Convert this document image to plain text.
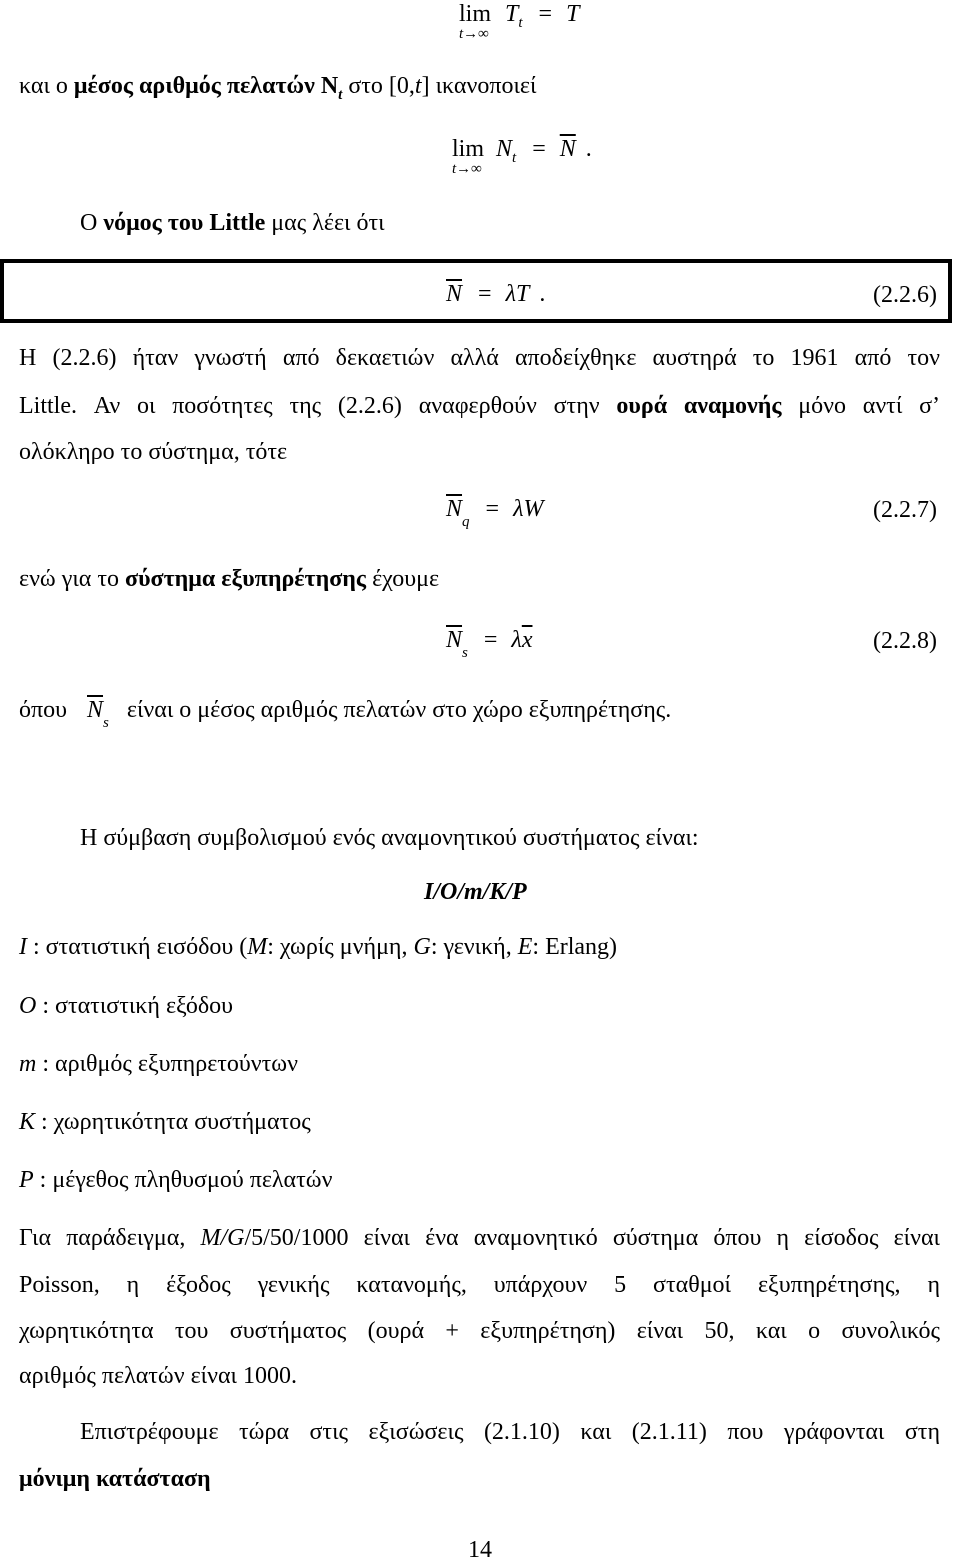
$\lim T_t = T$
t→∞
και ο μέσος αριθμός πελατών $N_t$ στο [0,t] ικανοποιεί
$\lim N_t = \overline{N}$ .
t→∞
Ο νόμος του Little μας λέει ότι
$\overline{N} = \lambda T$ .	(2.2.6)
Η (2.2.6) ήταν γνωστή από δεκαετιών αλλά αποδείχθηκε αυστηρά το 1961 από τον
Little. Αν οι ποσότητες της (2.2.6) αναφερθούν στην ουρά αναμονής μόνο αντί σ’
ολόκληρο το σύστημα, τότε
$\overline{N}_q = \lambda W$	(2.2.7)
ενώ για το σύστημα εξυπηρέτησης έχουμε
$\overline{N}_s = \lambda\overline{x}$	(2.2.8)
όπου $\overline{N}_s$ είναι ο μέσος αριθμός πελατών στο χώρο εξυπηρέτησης.
Η σύμβαση συμβολισμού ενός αναμονητικού συστήματος είναι:
I/O/m/K/P
I : στατιστική εισόδου (M: χωρίς μνήμη, G: γενική, E: Erlang)
O : στατιστική εξόδου
m : αριθμός εξυπηρετούντων
K : χωρητικότητα συστήματος
P : μέγεθος πληθυσμού πελατών
Για παράδειγμα, M/G/5/50/1000 είναι ένα αναμονητικό σύστημα όπου η είσοδος είναι
Poisson, η έξοδος γενικής κατανομής, υπάρχουν 5 σταθμοί εξυπηρέτησης, η
χωρητικότητα του συστήματος (ουρά + εξυπηρέτηση) είναι 50, και ο συνολικός
αριθμός πελατών είναι 1000.
Επιστρέφουμε τώρα στις εξισώσεις (2.1.10) και (2.1.11) που γράφονται στη
μόνιμη κατάσταση
14
